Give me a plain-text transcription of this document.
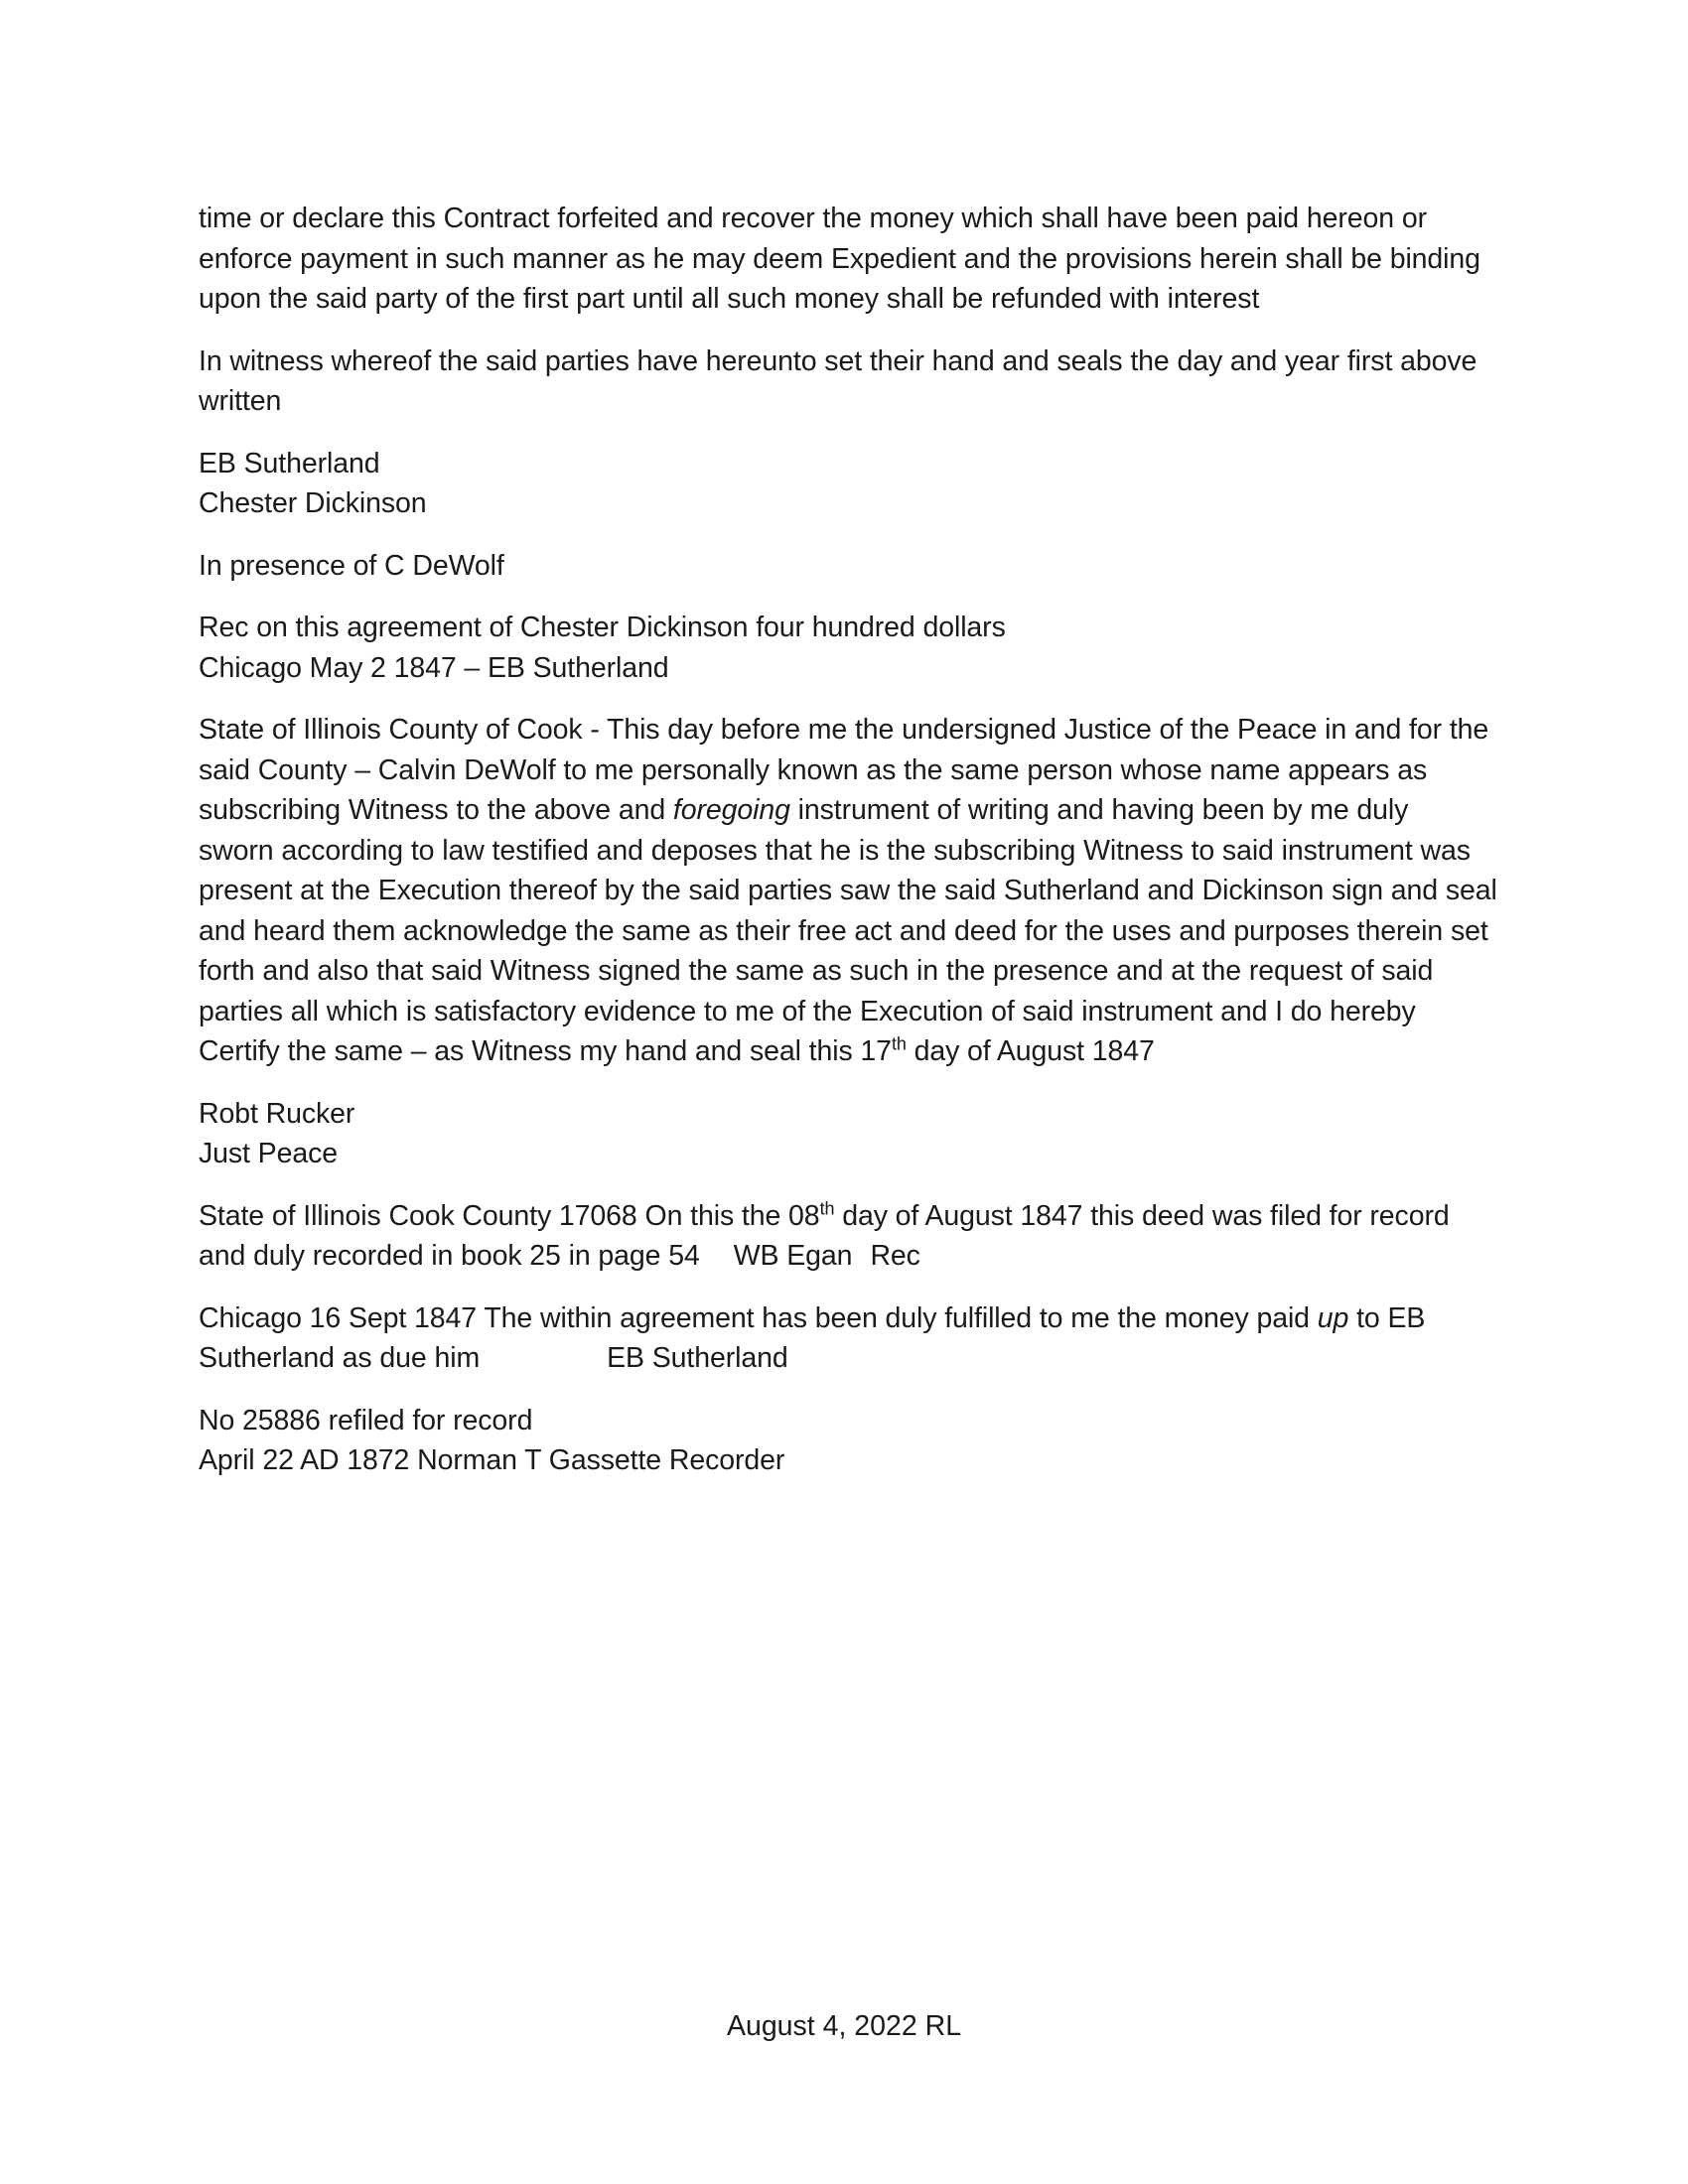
time or declare this Contract forfeited and recover the money which shall have been paid hereon or
enforce payment in such manner as he may deem Expedient and the provisions herein shall be binding
upon the said party of the first part until all such money shall be refunded with interest

In witness whereof the said parties have hereunto set their hand and seals the day and year first above
written

EB Sutherland
Chester Dickinson

In presence of C DeWolf

Rec on this agreement of Chester Dickinson four hundred dollars
Chicago May 2 1847 – EB Sutherland

State of Illinois County of Cook - This day before me the undersigned Justice of the Peace in and for the
said County – Calvin DeWolf to me personally known as the same person whose name appears as
subscribing Witness to the above and foregoing instrument of writing and having been by me duly
sworn according to law testified and deposes that he is the subscribing Witness to said instrument was
present at the Execution thereof by the said parties saw the said Sutherland and Dickinson sign and seal
and heard them acknowledge the same as their free act and deed for the uses and purposes therein set
forth and also that said Witness signed the same as such in the presence and at the request of said
parties all which is satisfactory evidence to me of the Execution of said instrument and I do hereby
Certify the same – as Witness my hand and seal this 17th day of August 1847

Robt Rucker
Just Peace

State of Illinois Cook County 17068 On this the 08th day of August 1847 this deed was filed for record
and duly recorded in book 25 in page 54 WB Egan Rec

Chicago 16 Sept 1847 The within agreement has been duly fulfilled to me the money paid up to EB
Sutherland as due him	EB Sutherland

No 25886 refiled for record
April 22 AD 1872 Norman T Gassette Recorder

August 4, 2022 RL
